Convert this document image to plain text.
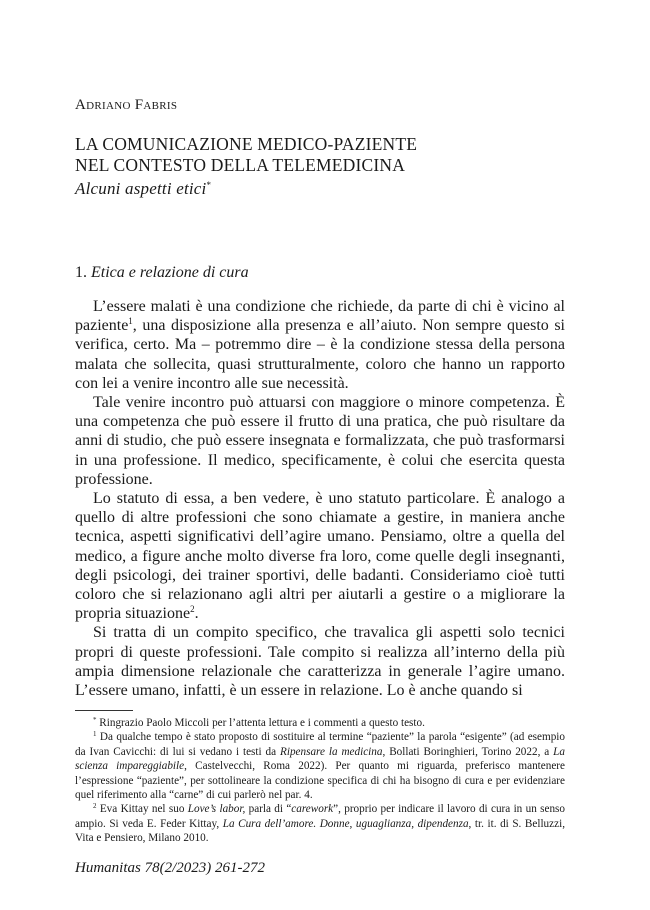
Adriano Fabris
LA COMUNICAZIONE MEDICO-PAZIENTE
NEL CONTESTO DELLA TELEMEDICINA
Alcuni aspetti etici*
1. Etica e relazione di cura

L’essere malati è una condizione che richiede, da parte di chi è vicino al paziente$^1$, una disposizione alla presenza e all’aiuto. Non sempre questo si verifica, certo. Ma – potremmo dire – è la condizione stessa della persona malata che sollecita, quasi strutturalmente, coloro che hanno un rapporto con lei a venire incontro alle sue necessità.

Tale venire incontro può attuarsi con maggiore o minore competenza. È una competenza che può essere il frutto di una pratica, che può risultare da anni di studio, che può essere insegnata e formalizzata, che può trasformarsi in una professione. Il medico, specificamente, è colui che esercita questa professione.

Lo statuto di essa, a ben vedere, è uno statuto particolare. È analogo a quello di altre professioni che sono chiamate a gestire, in maniera anche tecnica, aspetti significativi dell’agire umano. Pensiamo, oltre a quella del medico, a figure anche molto diverse fra loro, come quelle degli insegnanti, degli psicologi, dei trainer sportivi, delle badanti. Consideriamo cioè tutti coloro che si relazionano agli altri per aiutarli a gestire o a migliorare la propria situazione$^2$.

Si tratta di un compito specifico, che travalica gli aspetti solo tecnici propri di queste professioni. Tale compito si realizza all’interno della più ampia dimensione relazionale che caratterizza in generale l’agire umano. L’essere umano, infatti, è un essere in relazione. Lo è anche quando si

* Ringrazio Paolo Miccoli per l’attenta lettura e i commenti a questo testo.

$^1$ Da qualche tempo è stato proposto di sostituire al termine “paziente” la parola “esigente” (ad esempio da Ivan Cavicchi: di lui si vedano i testi da Ripensare la medicina, Bollati Boringhieri, Torino 2022, a La scienza impareggiabile, Castelvecchi, Roma 2022). Per quanto mi riguarda, preferisco mantenere l’espressione “paziente”, per sottolineare la condizione specifica di chi ha bisogno di cura e per evidenziare quel riferimento alla “carne” di cui parlerò nel par. 4.

$^2$ Eva Kittay nel suo Love’s labor, parla di “carework”, proprio per indicare il lavoro di cura in un senso ampio. Si veda E. Feder Kittay, La Cura dell’amore. Donne, uguaglianza, dipendenza, tr. it. di S. Belluzzi, Vita e Pensiero, Milano 2010.

Humanitas 78(2/2023) 261-272
